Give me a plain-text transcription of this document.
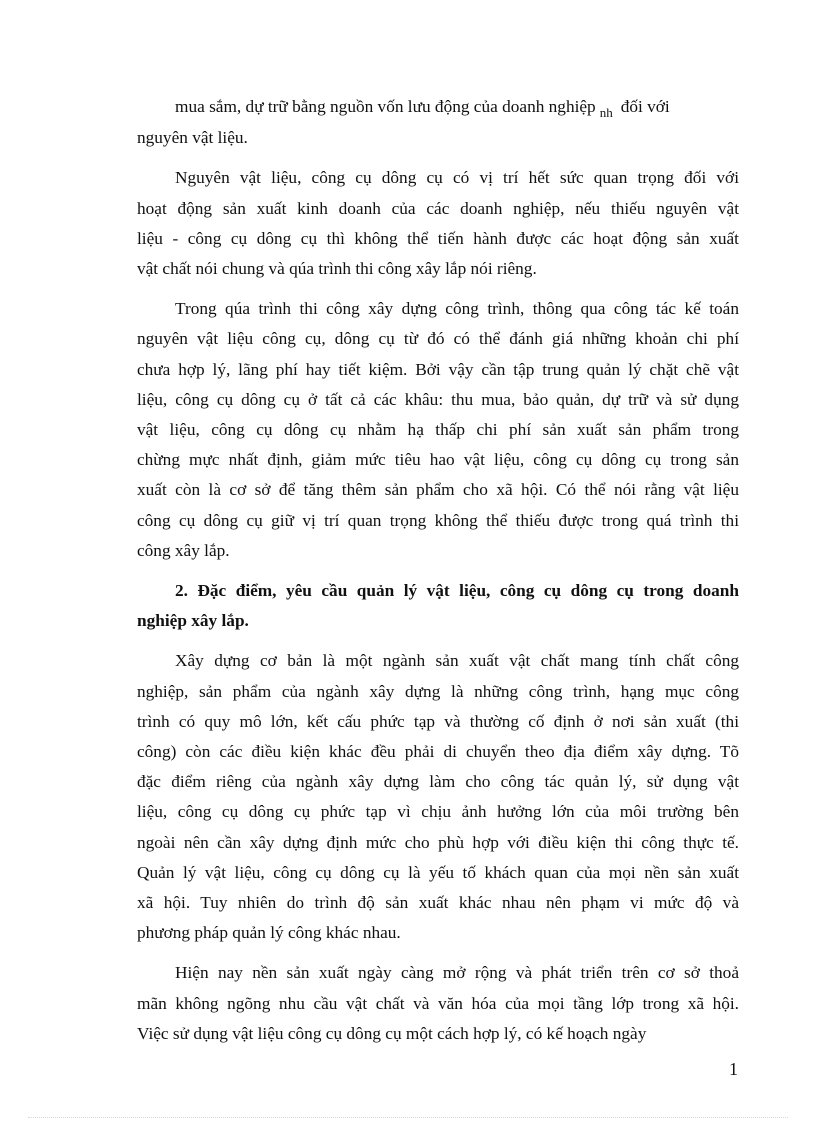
mua sắm, dự trữ bằng nguồn vốn lưu động của doanh nghiệp $_{nh}$ đối với
nguyên vật liệu.
Nguyên vật liệu, công cụ dông cụ có vị trí hết sức quan trọng đối với
hoạt động sản xuất kinh doanh của các doanh nghiệp, nếu thiếu nguyên vật
liệu - công cụ dông cụ thì không thể tiến hành được các hoạt động sản xuất
vật chất nói chung và qúa trình thi công xây lắp nói riêng.
Trong qúa trình thi công xây dựng công trình, thông qua công tác kế toán
nguyên vật liệu công cụ, dông cụ từ đó có thể đánh giá những khoản chi phí
chưa hợp lý, lãng phí hay tiết kiệm. Bởi vậy cần tập trung quản lý chặt chẽ vật
liệu, công cụ dông cụ ở tất cả các khâu: thu mua, bảo quản, dự trữ và sử dụng
vật liệu, công cụ dông cụ nhằm hạ thấp chi phí sản xuất sản phẩm trong
chừng mực nhất định, giảm mức tiêu hao vật liệu, công cụ dông cụ trong sản
xuất còn là cơ sở để tăng thêm sản phẩm cho xã hội. Có thể nói rằng vật liệu
công cụ dông cụ giữ vị trí quan trọng không thể thiếu được trong quá trình thi
công xây lắp.
2. Đặc điểm, yêu cầu quản lý vật liệu, công cụ dông cụ trong doanh
nghiệp xây lắp.
Xây dựng cơ bản là một ngành sản xuất vật chất mang tính chất công
nghiệp, sản phẩm của ngành xây dựng là những công trình, hạng mục công
trình có quy mô lớn, kết cấu phức tạp và thường cố định ở nơi sản xuất (thi
công) còn các điều kiện khác đều phải di chuyển theo địa điểm xây dựng. Tõ
đặc điểm riêng của ngành xây dựng làm cho công tác quản lý, sử dụng vật
liệu, công cụ dông cụ phức tạp vì chịu ảnh hưởng lớn của môi trường bên
ngoài nên cần xây dựng định mức cho phù hợp với điều kiện thi công thực tế.
Quản lý vật liệu, công cụ dông cụ là yếu tố khách quan của mọi nền sản xuất
xã hội. Tuy nhiên do trình độ sản xuất khác nhau nên phạm vi mức độ và
phương pháp quản lý công khác nhau.
Hiện nay nền sản xuất ngày càng mở rộng và phát triển trên cơ sở thoả
mãn không ngõng nhu cầu vật chất và văn hóa của mọi tầng lớp trong xã hội.
Việc sử dụng vật liệu công cụ dông cụ một cách hợp lý, có kế hoạch ngày
1
